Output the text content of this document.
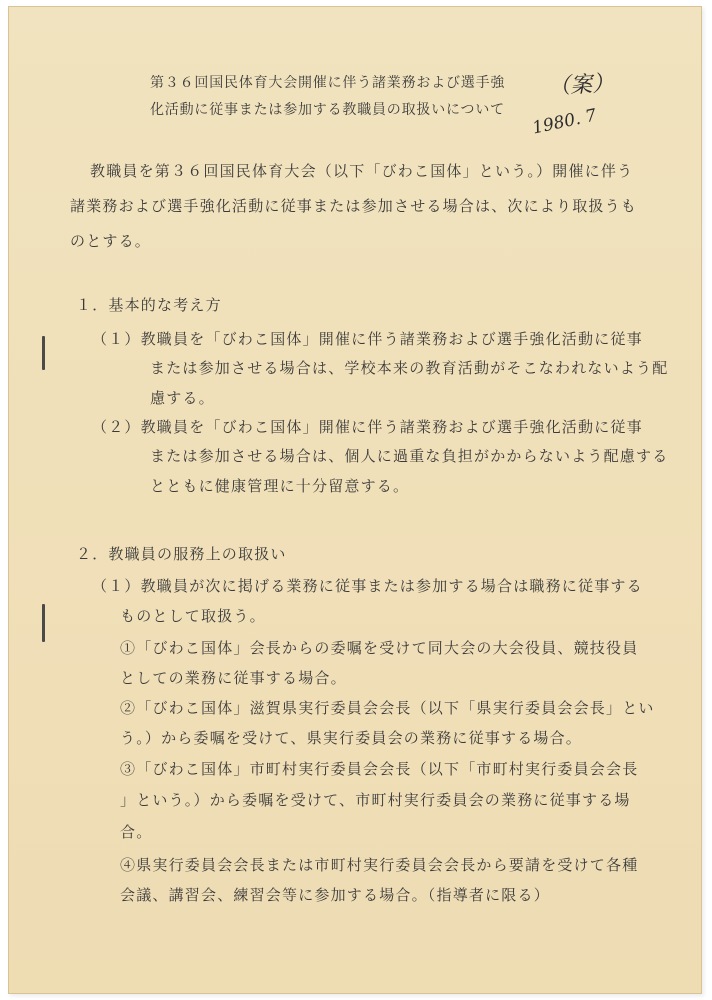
第３６回国民体育大会開催に伴う諸業務および選手強
化活動に従事または参加する教職員の取扱いについて
（案）
1980. 7
教職員を第３６回国民体育大会（以下「びわこ国体」という。）開催に伴う
諸業務および選手強化活動に従事または参加させる場合は、次により取扱うも
のとする。
１．基本的な考え方
（１）教職員を「びわこ国体」開催に伴う諸業務および選手強化活動に従事
または参加させる場合は、学校本来の教育活動がそこなわれないよう配
慮する。
（２）教職員を「びわこ国体」開催に伴う諸業務および選手強化活動に従事
または参加させる場合は、個人に過重な負担がかからないよう配慮する
とともに健康管理に十分留意する。
２．教職員の服務上の取扱い
（１）教職員が次に掲げる業務に従事または参加する場合は職務に従事する
ものとして取扱う。
①「びわこ国体」会長からの委嘱を受けて同大会の大会役員、競技役員
としての業務に従事する場合。
②「びわこ国体」滋賀県実行委員会会長（以下「県実行委員会会長」とい
う。）から委嘱を受けて、県実行委員会の業務に従事する場合。
③「びわこ国体」市町村実行委員会会長（以下「市町村実行委員会会長
」という。）から委嘱を受けて、市町村実行委員会の業務に従事する場
合。
④県実行委員会会長または市町村実行委員会会長から要請を受けて各種
会議、講習会、練習会等に参加する場合。（指導者に限る）
